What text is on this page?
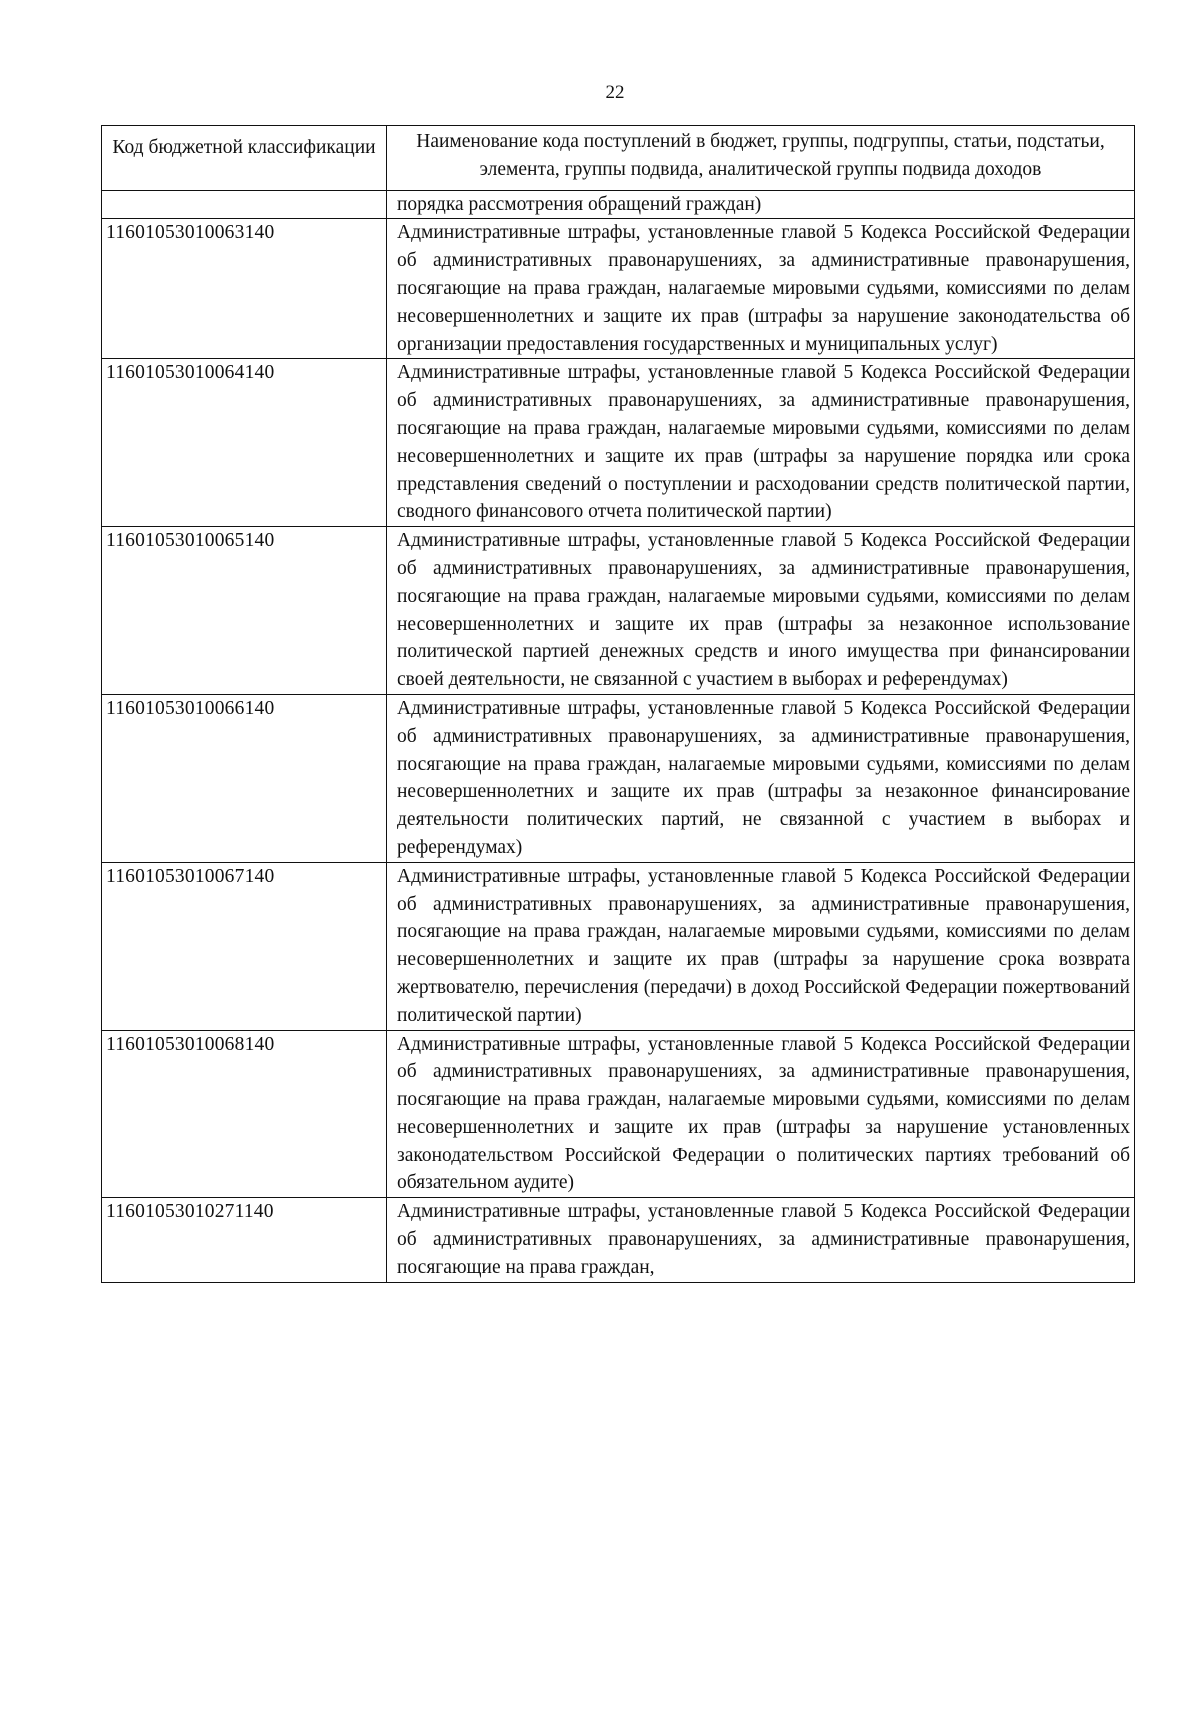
22
Код бюджетной классификации	Наименование кода поступлений в бюджет, группы, подгруппы, статьи, подстатьи, элемента, группы подвида, аналитической группы подвида доходов
	порядка рассмотрения обращений граждан)
11601053010063140	Административные штрафы, установленные главой 5 Кодекса Российской Федерации об административных правонарушениях, за административные правонарушения, посягающие на права граждан, налагаемые мировыми судьями, комиссиями по делам несовершеннолетних и защите их прав (штрафы за нарушение законодательства об организации предоставления государственных и муниципальных услуг)
11601053010064140	Административные штрафы, установленные главой 5 Кодекса Российской Федерации об административных правонарушениях, за административные правонарушения, посягающие на права граждан, налагаемые мировыми судьями, комиссиями по делам несовершеннолетних и защите их прав (штрафы за нарушение порядка или срока представления сведений о поступлении и расходовании средств политической партии, сводного финансового отчета политической партии)
11601053010065140	Административные штрафы, установленные главой 5 Кодекса Российской Федерации об административных правонарушениях, за административные правонарушения, посягающие на права граждан, налагаемые мировыми судьями, комиссиями по делам несовершеннолетних и защите их прав (штрафы за незаконное использование политической партией денежных средств и иного имущества при финансировании своей деятельности, не связанной с участием в выборах и референдумах)
11601053010066140	Административные штрафы, установленные главой 5 Кодекса Российской Федерации об административных правонарушениях, за административные правонарушения, посягающие на права граждан, налагаемые мировыми судьями, комиссиями по делам несовершеннолетних и защите их прав (штрафы за незаконное финансирование деятельности политических партий, не связанной с участием в выборах и референдумах)
11601053010067140	Административные штрафы, установленные главой 5 Кодекса Российской Федерации об административных правонарушениях, за административные правонарушения, посягающие на права граждан, налагаемые мировыми судьями, комиссиями по делам несовершеннолетних и защите их прав (штрафы за нарушение срока возврата жертвователю, перечисления (передачи) в доход Российской Федерации пожертвований политической партии)
11601053010068140	Административные штрафы, установленные главой 5 Кодекса Российской Федерации об административных правонарушениях, за административные правонарушения, посягающие на права граждан, налагаемые мировыми судьями, комиссиями по делам несовершеннолетних и защите их прав (штрафы за нарушение установленных законодательством Российской Федерации о политических партиях требований об обязательном аудите)
11601053010271140	Административные штрафы, установленные главой 5 Кодекса Российской Федерации об административных правонарушениях, за административные правонарушения, посягающие на права граждан,
